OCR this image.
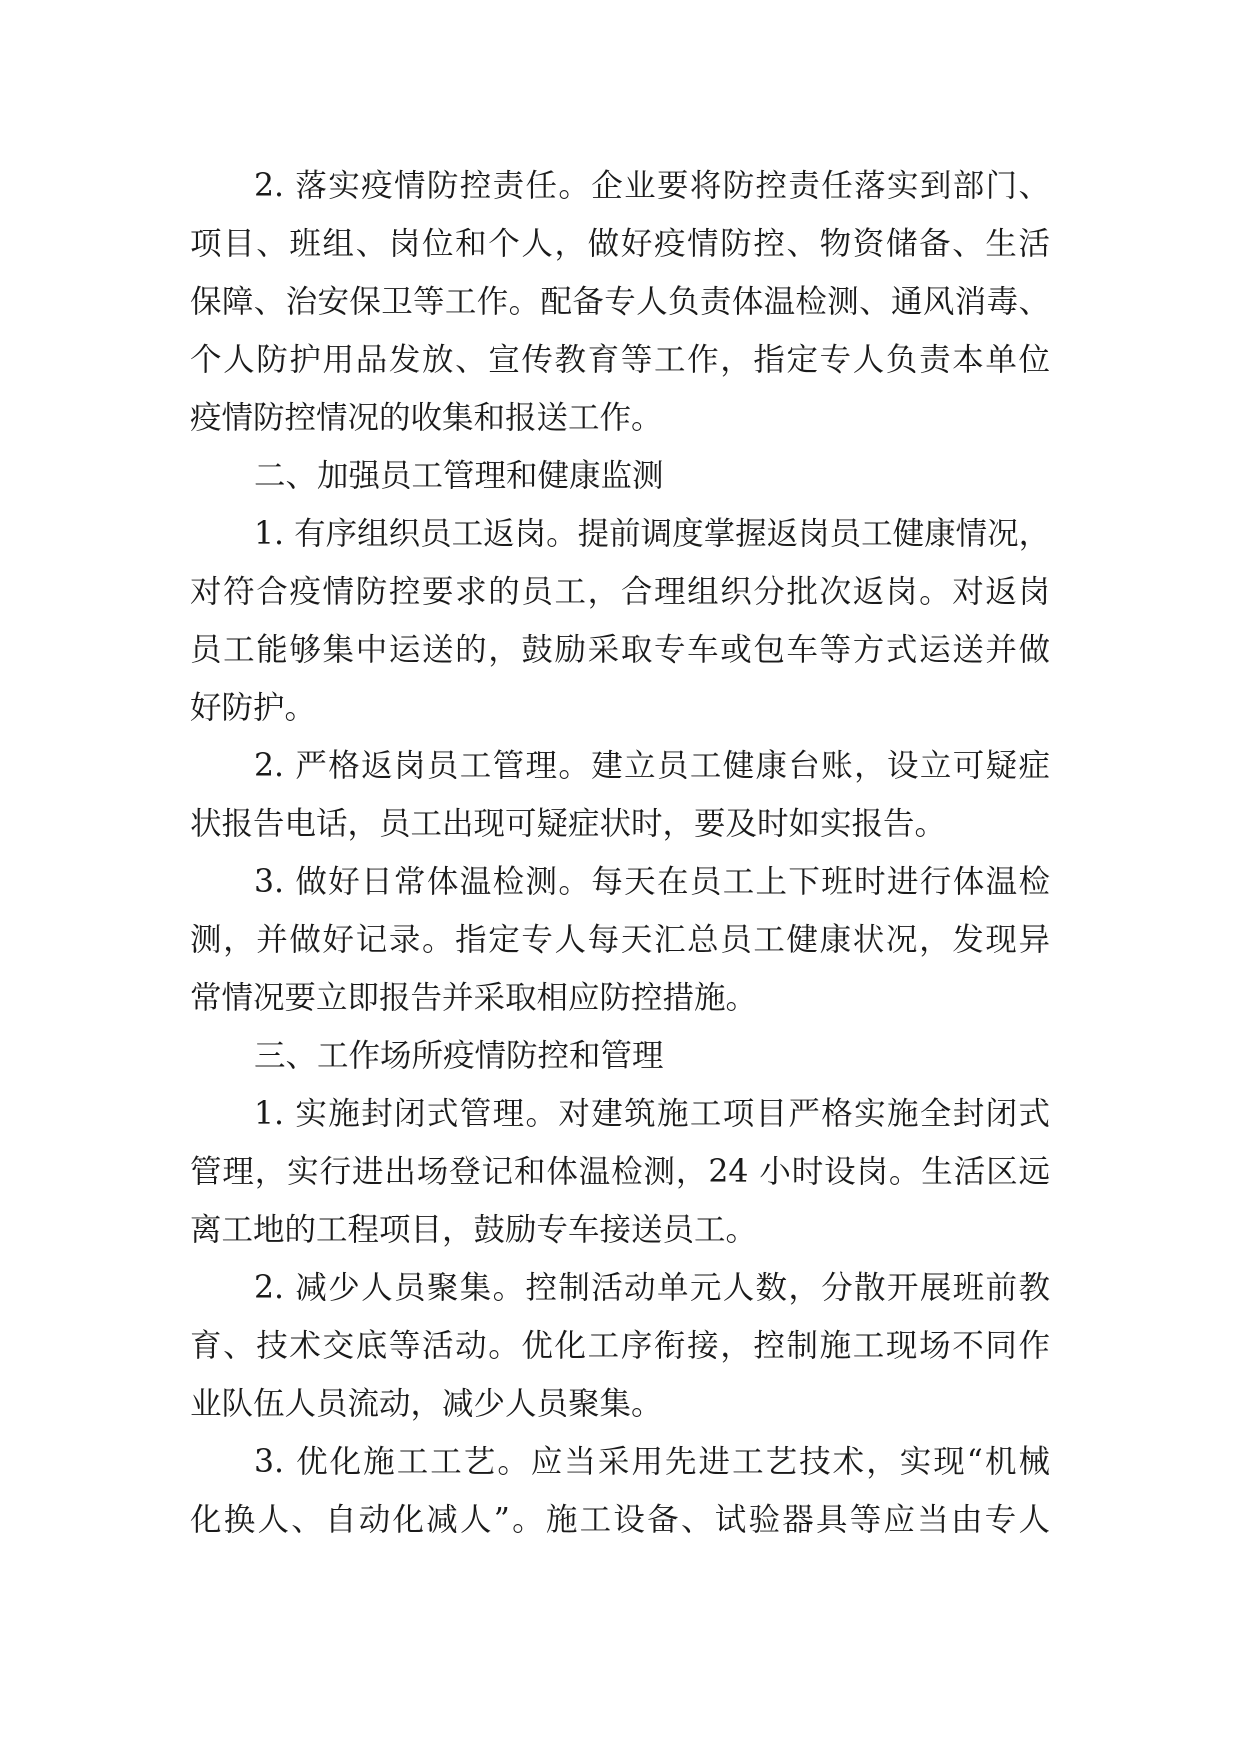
2. 落实疫情防控责任。企业要将防控责任落实到部门、
项目、班组、岗位和个人，做好疫情防控、物资储备、生活
保障、治安保卫等工作。配备专人负责体温检测、通风消毒、
个人防护用品发放、宣传教育等工作，指定专人负责本单位
疫情防控情况的收集和报送工作。
二、加强员工管理和健康监测
1. 有序组织员工返岗。提前调度掌握返岗员工健康情况，
对符合疫情防控要求的员工，合理组织分批次返岗。对返岗
员工能够集中运送的，鼓励采取专车或包车等方式运送并做
好防护。
2. 严格返岗员工管理。建立员工健康台账，设立可疑症
状报告电话，员工出现可疑症状时，要及时如实报告。
3. 做好日常体温检测。每天在员工上下班时进行体温检
测，并做好记录。指定专人每天汇总员工健康状况，发现异
常情况要立即报告并采取相应防控措施。
三、工作场所疫情防控和管理
1. 实施封闭式管理。对建筑施工项目严格实施全封闭式
管理，实行进出场登记和体温检测，24 小时设岗。生活区远
离工地的工程项目，鼓励专车接送员工。
2. 减少人员聚集。控制活动单元人数，分散开展班前教
育、技术交底等活动。优化工序衔接，控制施工现场不同作
业队伍人员流动，减少人员聚集。
3. 优化施工工艺。应当采用先进工艺技术，实现“机械
化换人、自动化减人”。施工设备、试验器具等应当由专人
